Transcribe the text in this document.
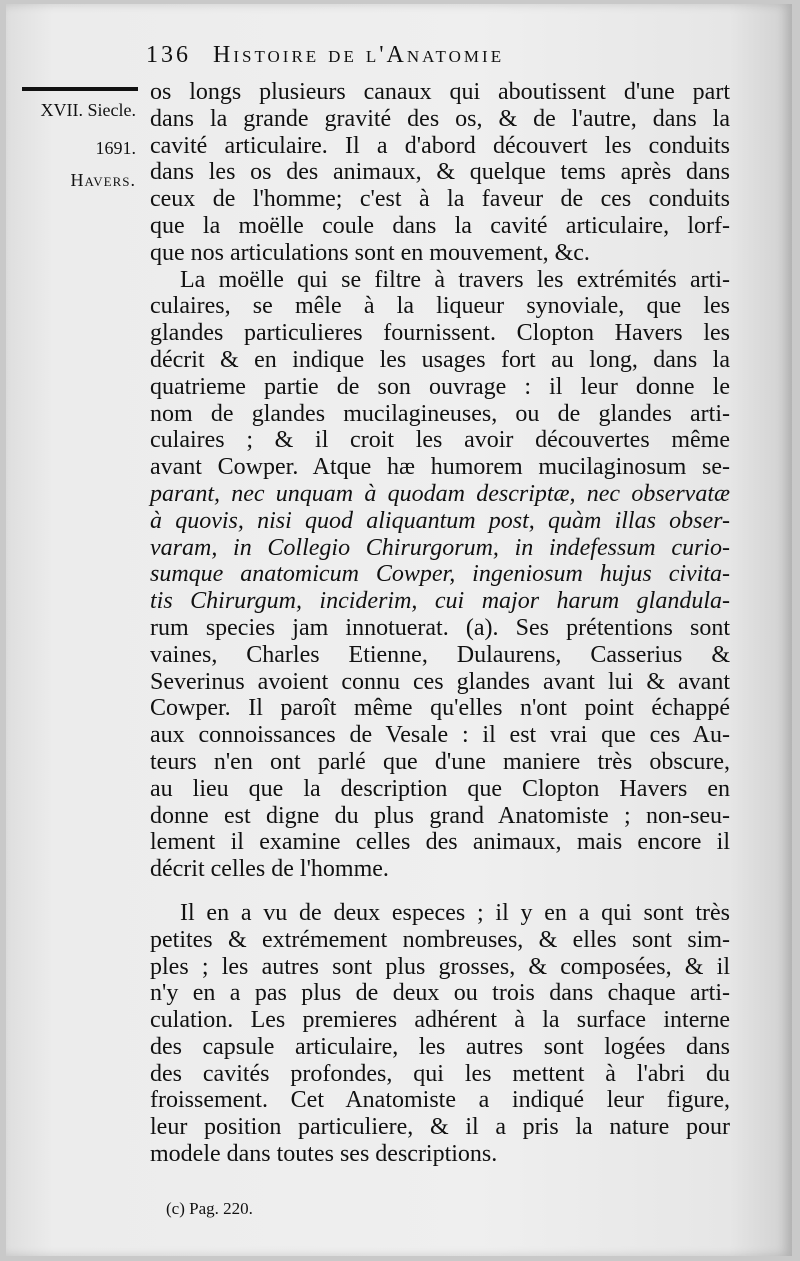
136 Histoire de l'Anatomie
XVII. Siecle.
1691.
Havers.
os longs plusieurs canaux qui aboutissent d'une part
dans la grande gravité des os, & de l'autre, dans la
cavité articulaire. Il a d'abord découvert les conduits
dans les os des animaux, & quelque tems après dans
ceux de l'homme; c'est à la faveur de ces conduits
que la moëlle coule dans la cavité articulaire, lorf-
que nos articulations sont en mouvement, &c.
La moëlle qui se filtre à travers les extrémités arti-
culaires, se mêle à la liqueur synoviale, que les
glandes particulieres fournissent. Clopton Havers les
décrit & en indique les usages fort au long, dans la
quatrieme partie de son ouvrage : il leur donne le
nom de glandes mucilagineuses, ou de glandes arti-
culaires ; & il croit les avoir découvertes même
avant Cowper. Atque hæ humorem mucilaginosum se-
parant, nec unquam à quodam descriptæ, nec observatæ
à quovis, nisi quod aliquantum post, quàm illas obser-
varam, in Collegio Chirurgorum, in indefessum curio-
sumque anatomicum Cowper, ingeniosum hujus civita-
tis Chirurgum, inciderim, cui major harum glandula-
rum species jam innotuerat. (a). Ses prétentions sont
vaines, Charles Etienne, Dulaurens, Casserius &
Severinus avoient connu ces glandes avant lui & avant
Cowper. Il paroît même qu'elles n'ont point échappé
aux connoissances de Vesale : il est vrai que ces Au-
teurs n'en ont parlé que d'une maniere très obscure,
au lieu que la description que Clopton Havers en
donne est digne du plus grand Anatomiste ; non-seu-
lement il examine celles des animaux, mais encore il
décrit celles de l'homme.
Il en a vu de deux especes ; il y en a qui sont très
petites & extrémement nombreuses, & elles sont sim-
ples ; les autres sont plus grosses, & composées, & il
n'y en a pas plus de deux ou trois dans chaque arti-
culation. Les premieres adhérent à la surface interne
des capsule articulaire, les autres sont logées dans
des cavités profondes, qui les mettent à l'abri du
froissement. Cet Anatomiste a indiqué leur figure,
leur position particuliere, & il a pris la nature pour
modele dans toutes ses descriptions.
(c) Pag. 220.
